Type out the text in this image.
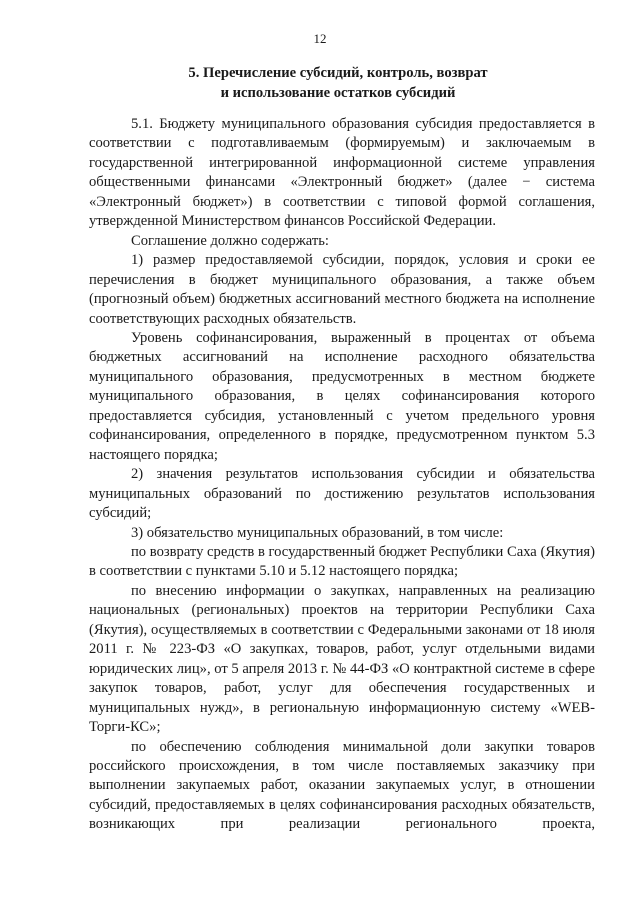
12
5. Перечисление субсидий, контроль, возврат
и использование остатков субсидий

5.1. Бюджету муниципального образования субсидия предоставляется в соответствии с подготавливаемым (формируемым) и заключаемым в государственной интегрированной информационной системе управления общественными финансами «Электронный бюджет» (далее − система «Электронный бюджет») в соответствии с типовой формой соглашения, утвержденной Министерством финансов Российской Федерации.

Соглашение должно содержать:

1) размер предоставляемой субсидии, порядок, условия и сроки ее перечисления в бюджет муниципального образования, а также объем (прогнозный объем) бюджетных ассигнований местного бюджета на исполнение соответствующих расходных обязательств.

Уровень софинансирования, выраженный в процентах от объема бюджетных ассигнований на исполнение расходного обязательства муниципального образования, предусмотренных в местном бюджете муниципального образования, в целях софинансирования которого предоставляется субсидия, установленный с учетом предельного уровня софинансирования, определенного в порядке, предусмотренном пунктом 5.3 настоящего порядка;

2) значения результатов использования субсидии и обязательства муниципальных образований по достижению результатов использования субсидий;

3) обязательство муниципальных образований, в том числе:

по возврату средств в государственный бюджет Республики Саха (Якутия) в соответствии с пунктами 5.10 и 5.12 настоящего порядка;

по внесению информации о закупках, направленных на реализацию национальных (региональных) проектов на территории Республики Саха (Якутия), осуществляемых в соответствии с Федеральными законами от 18 июля 2011 г. № 223-ФЗ «О закупках, товаров, работ, услуг отдельными видами юридических лиц», от 5 апреля 2013 г. № 44-ФЗ «О контрактной системе в сфере закупок товаров, работ, услуг для обеспечения государственных и муниципальных нужд», в региональную информационную систему «WEB-Торги-КС»;

по обеспечению соблюдения минимальной доли закупки товаров российского происхождения, в том числе поставляемых заказчику при выполнении закупаемых работ, оказании закупаемых услуг, в отношении субсидий, предоставляемых в целях софинансирования расходных обязательств, возникающих при реализации регионального проекта,
